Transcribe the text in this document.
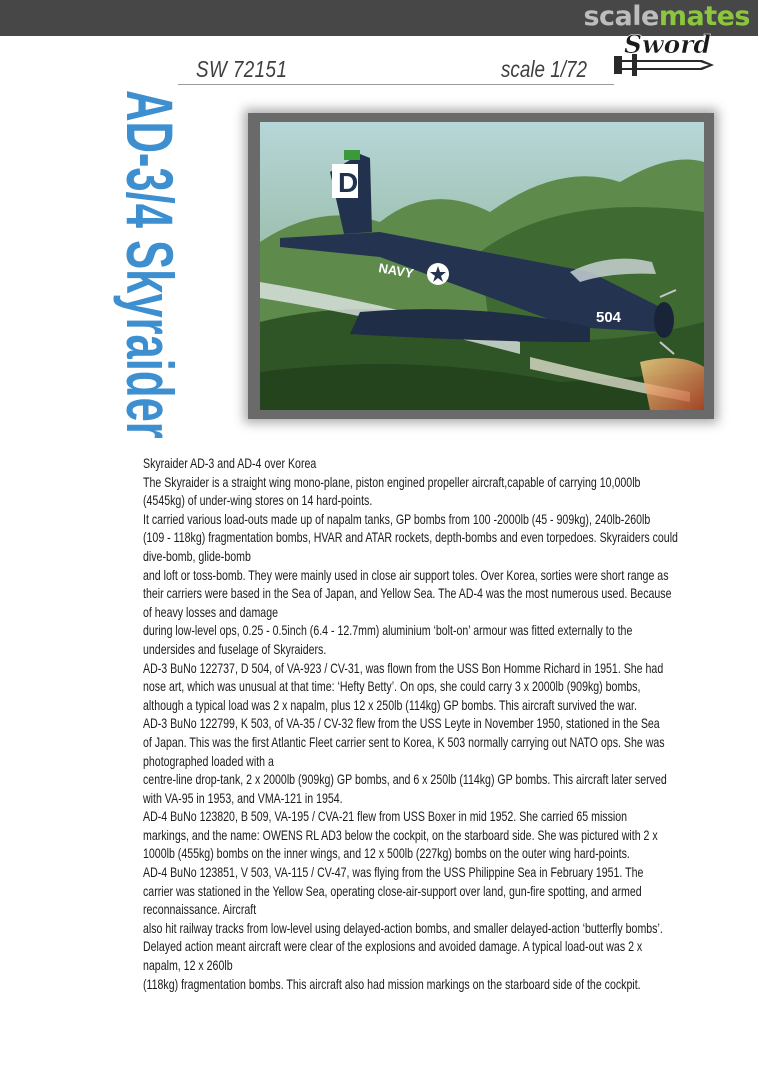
scalemates
SW 72151	scale 1/72
Sword
AD-3/4 Skyraider	D
NAVY
504

Skyraider AD-3 and AD-4 over Korea

The Skyraider is a straight wing mono-plane, piston engined propeller aircraft,capable of carrying 10,000lb

(4545kg) of under-wing stores on 14 hard-points.

It carried various load-outs made up of napalm tanks, GP bombs from 100 -2000lb (45 - 909kg), 240lb-260lb

(109 - 118kg) fragmentation bombs, HVAR and ATAR rockets, depth-bombs and even torpedoes. Skyraiders could

dive-bomb, glide-bomb

and loft or toss-bomb. They were mainly used in close air support toles. Over Korea, sorties were short range as

their carriers were based in the Sea of Japan, and Yellow Sea. The AD-4 was the most numerous used. Because

of heavy losses and damage

during low-level ops, 0.25 - 0.5inch (6.4 - 12.7mm) aluminium ‘bolt-on’ armour was fitted externally to the

undersides and fuselage of Skyraiders.

AD-3 BuNo 122737, D 504, of VA-923 / CV-31, was flown from the USS Bon Homme Richard in 1951. She had

nose art, which was unusual at that time: ‘Hefty Betty’. On ops, she could carry 3 x 2000lb (909kg) bombs,

although a typical load was 2 x napalm, plus 12 x 250lb (114kg) GP bombs. This aircraft survived the war.

AD-3 BuNo 122799, K 503, of VA-35 / CV-32 flew from the USS Leyte in November 1950, stationed in the Sea

of Japan. This was the first Atlantic Fleet carrier sent to Korea, K 503 normally carrying out NATO ops. She was

photographed loaded with a

centre-line drop-tank, 2 x 2000lb (909kg) GP bombs, and 6 x 250lb (114kg) GP bombs. This aircraft later served

with VA-95 in 1953, and VMA-121 in 1954.

AD-4 BuNo 123820, B 509, VA-195 / CVA-21 flew from USS Boxer in mid 1952. She carried 65 mission

markings, and the name: OWENS RL AD3 below the cockpit, on the starboard side. She was pictured with 2 x

1000lb (455kg) bombs on the inner wings, and 12 x 500lb (227kg) bombs on the outer wing hard-points.

AD-4 BuNo 123851, V 503, VA-115 / CV-47, was flying from the USS Philippine Sea in February 1951. The

carrier was stationed in the Yellow Sea, operating close-air-support over land, gun-fire spotting, and armed

reconnaissance. Aircraft

also hit railway tracks from low-level using delayed-action bombs, and smaller delayed-action ‘butterfly bombs’.

Delayed action meant aircraft were clear of the explosions and avoided damage. A typical load-out was 2 x

napalm, 12 x 260lb

(118kg) fragmentation bombs. This aircraft also had mission markings on the starboard side of the cockpit.
